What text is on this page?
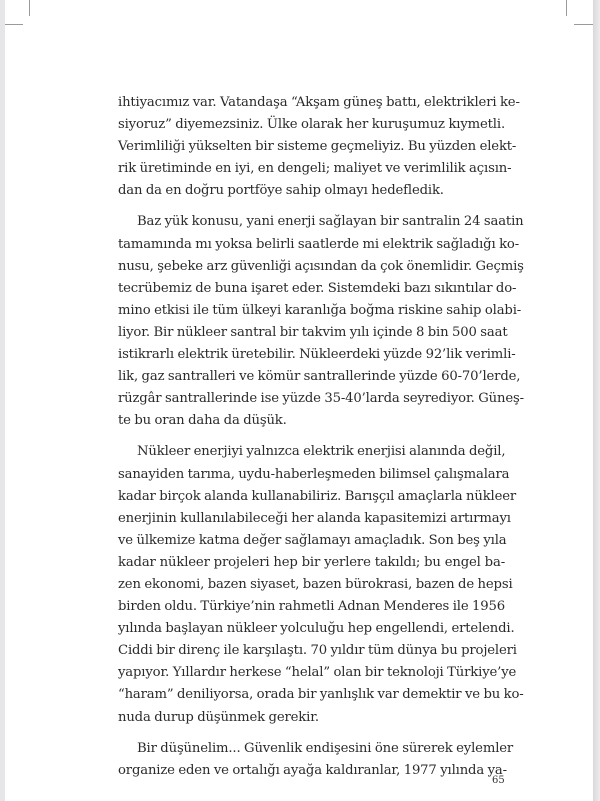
ihtiyacımız var. Vatandaşa “Akşam güneş battı, elektrikleri ke-
siyoruz” diyemezsiniz. Ülke olarak her kuruşumuz kıymetli.
Verimliliği yükselten bir sisteme geçmeliyiz. Bu yüzden elekt-
rik üretiminde en iyi, en dengeli; maliyet ve verimlilik açısın-
dan da en doğru portföye sahip olmayı hedefledik.

Baz yük konusu, yani enerji sağlayan bir santralin 24 saatin
tamamında mı yoksa belirli saatlerde mi elektrik sağladığı ko-
nusu, şebeke arz güvenliği açısından da çok önemlidir. Geçmiş
tecrübemiz de buna işaret eder. Sistemdeki bazı sıkıntılar do-
mino etkisi ile tüm ülkeyi karanlığa boğma riskine sahip olabi-
liyor. Bir nükleer santral bir takvim yılı içinde 8 bin 500 saat
istikrarlı elektrik üretebilir. Nükleerdeki yüzde 92’lik verimli-
lik, gaz santralleri ve kömür santrallerinde yüzde 60-70’lerde,
rüzgâr santrallerinde ise yüzde 35-40’larda seyrediyor. Güneş-
te bu oran daha da düşük.

Nükleer enerjiyi yalnızca elektrik enerjisi alanında değil,
sanayiden tarıma, uydu-haberleşmeden bilimsel çalışmalara
kadar birçok alanda kullanabiliriz. Barışçıl amaçlarla nükleer
enerjinin kullanılabileceği her alanda kapasitemizi artırmayı
ve ülkemize katma değer sağlamayı amaçladık. Son beş yıla
kadar nükleer projeleri hep bir yerlere takıldı; bu engel ba-
zen ekonomi, bazen siyaset, bazen bürokrasi, bazen de hepsi
birden oldu. Türkiye’nin rahmetli Adnan Menderes ile 1956
yılında başlayan nükleer yolculuğu hep engellendi, ertelendi.
Ciddi bir direnç ile karşılaştı. 70 yıldır tüm dünya bu projeleri
yapıyor. Yıllardır herkese “helal” olan bir teknoloji Türkiye’ye
“haram” deniliyorsa, orada bir yanlışlık var demektir ve bu ko-
nuda durup düşünmek gerekir.

Bir düşünelim... Güvenlik endişesini öne sürerek eylemler
organize eden ve ortalığı ayağa kaldıranlar, 1977 yılında ya-

65
